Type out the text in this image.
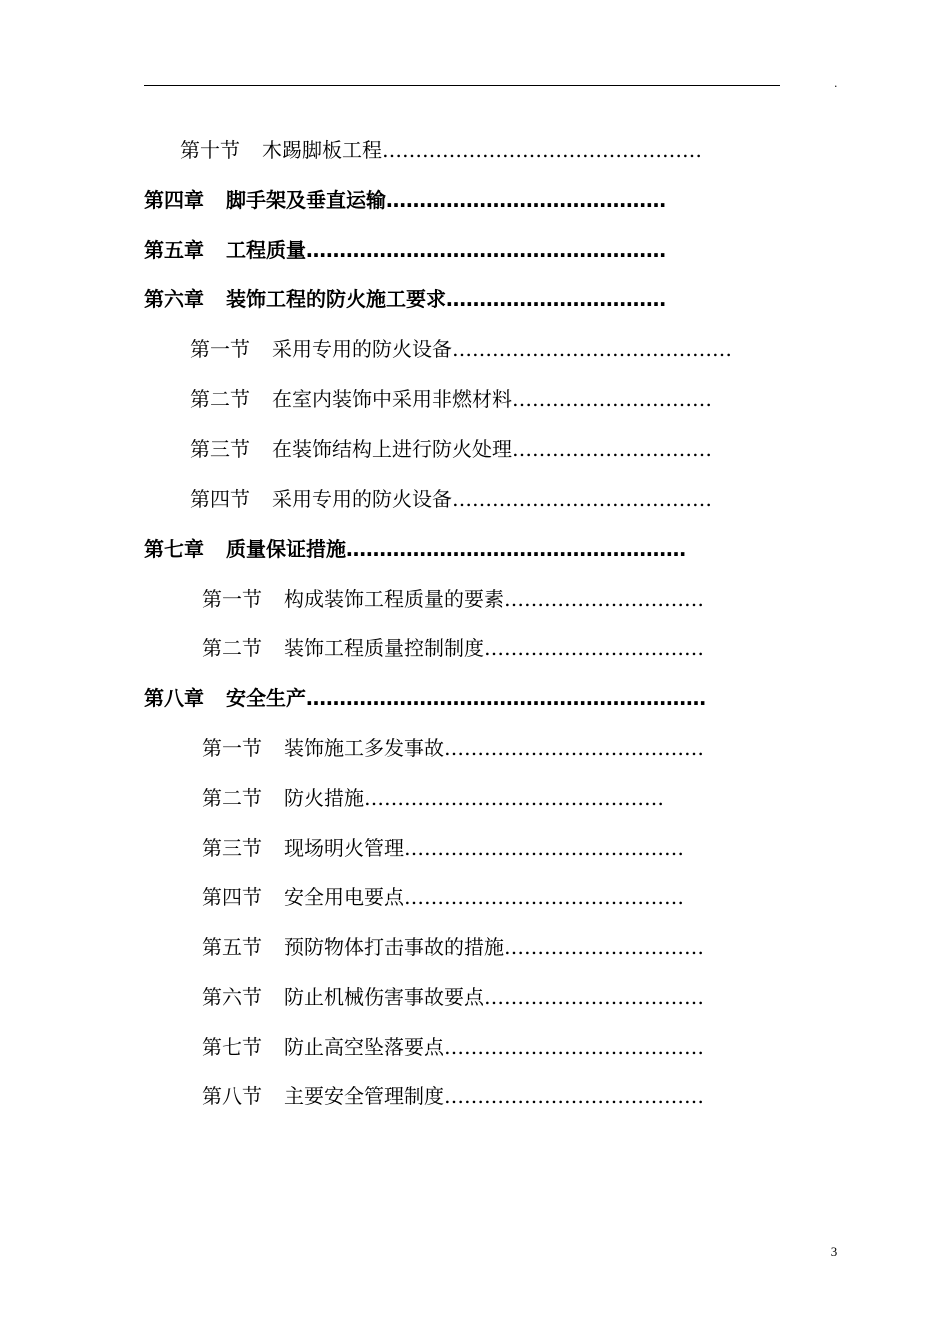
.
第十节 木踢脚板工程…………………………………………
第四章 脚手架及垂直运输……………………………………
第五章 工程质量………………………………………………
第六章 装饰工程的防火施工要求……………………………
第一节 采用专用的防火设备……………………………………
第二节 在室内装饰中采用非燃材料…………………………
第三节 在装饰结构上进行防火处理…………………………
第四节 采用专用的防火设备…………………………………
第七章 质量保证措施……………………………………………
第一节 构成装饰工程质量的要素…………………………
第二节 装饰工程质量控制制度……………………………
第八章 安全生产……………………………………………………
第一节 装饰施工多发事故…………………………………
第二节 防火措施………………………………………
第三节 现场明火管理……………………………………
第四节 安全用电要点……………………………………
第五节 预防物体打击事故的措施…………………………
第六节 防止机械伤害事故要点……………………………
第七节 防止高空坠落要点…………………………………
第八节 主要安全管理制度…………………………………
3
